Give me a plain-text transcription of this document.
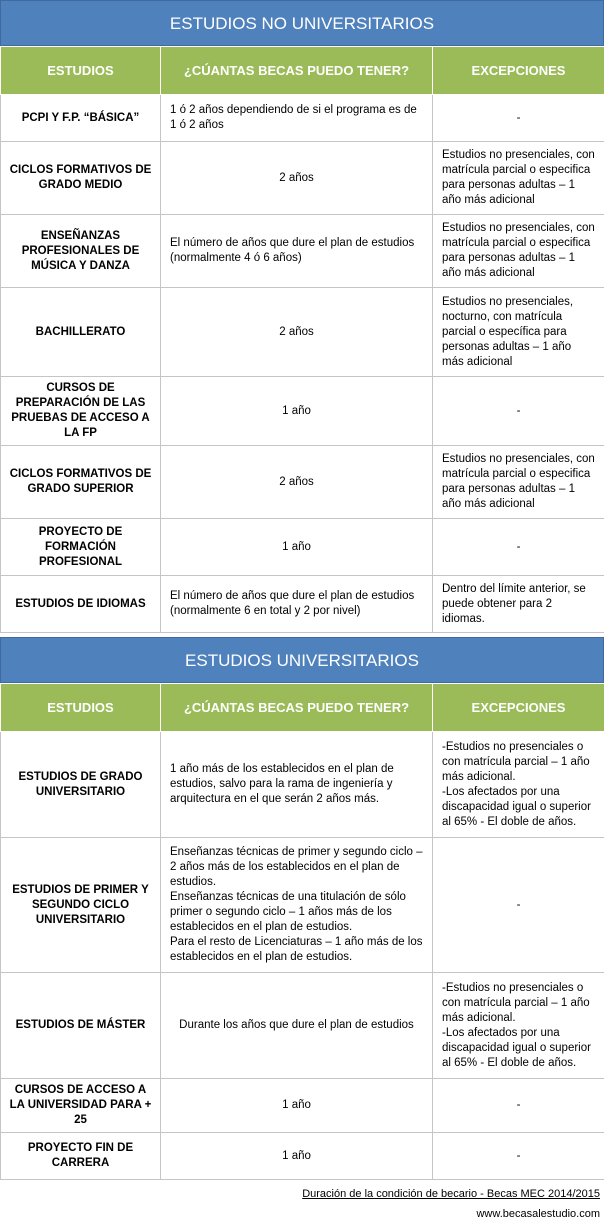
ESTUDIOS NO UNIVERSITARIOS
ESTUDIOS	¿CÚANTAS BECAS PUEDO TENER?	EXCEPCIONES
PCPI Y F.P. “BÁSICA”	1 ó 2 años dependiendo de si el programa es de 1 ó 2 años	-
CICLOS FORMATIVOS DE GRADO MEDIO	2 años	Estudios no presenciales, con matrícula parcial o especifica para personas adultas – 1 año más adicional
ENSEÑANZAS PROFESIONALES DE MÚSICA Y DANZA	El número de años que dure el plan de estudios (normalmente 4 ó 6 años)	Estudios no presenciales, con matrícula parcial o especifica para personas adultas – 1 año más adicional
BACHILLERATO	2 años	Estudios no presenciales, nocturno, con matrícula parcial o específica para personas adultas – 1 año más adicional
CURSOS DE PREPARACIÓN DE LAS PRUEBAS DE ACCESO A LA FP	1 año	-
CICLOS FORMATIVOS DE GRADO SUPERIOR	2 años	Estudios no presenciales, con matrícula parcial o especifica para personas adultas – 1 año más adicional
PROYECTO DE FORMACIÓN PROFESIONAL	1 año	-
ESTUDIOS DE IDIOMAS	El número de años que dure el plan de estudios (normalmente 6 en total y 2 por nivel)	Dentro del límite anterior, se puede obtener para 2 idiomas.
ESTUDIOS UNIVERSITARIOS
ESTUDIOS	¿CÚANTAS BECAS PUEDO TENER?	EXCEPCIONES
ESTUDIOS DE GRADO UNIVERSITARIO	1 año más de los establecidos en el plan de estudios, salvo para la rama de ingeniería y arquitectura en el que serán 2 años más.	-Estudios no presenciales o con matrícula parcial – 1 año más adicional.
-Los afectados por una discapacidad igual o superior al 65% - El doble de años.
ESTUDIOS DE PRIMER Y SEGUNDO CICLO UNIVERSITARIO	Enseñanzas técnicas de primer y segundo ciclo – 2 años más de los establecidos en el plan de estudios.
Enseñanzas técnicas de una titulación de sólo primer o segundo ciclo – 1 años más de los establecidos en el plan de estudios.
Para el resto de Licenciaturas – 1 año más de los establecidos en el plan de estudios.	-
ESTUDIOS DE MÁSTER	Durante los años que dure el plan de estudios	-Estudios no presenciales o con matrícula parcial – 1 año más adicional.
-Los afectados por una discapacidad igual o superior al 65% - El doble de años.
CURSOS DE ACCESO A LA UNIVERSIDAD PARA + 25	1 año	-
PROYECTO FIN DE CARRERA	1 año	-
Duración de la condición de becario - Becas MEC 2014/2015
www.becasalestudio.com
